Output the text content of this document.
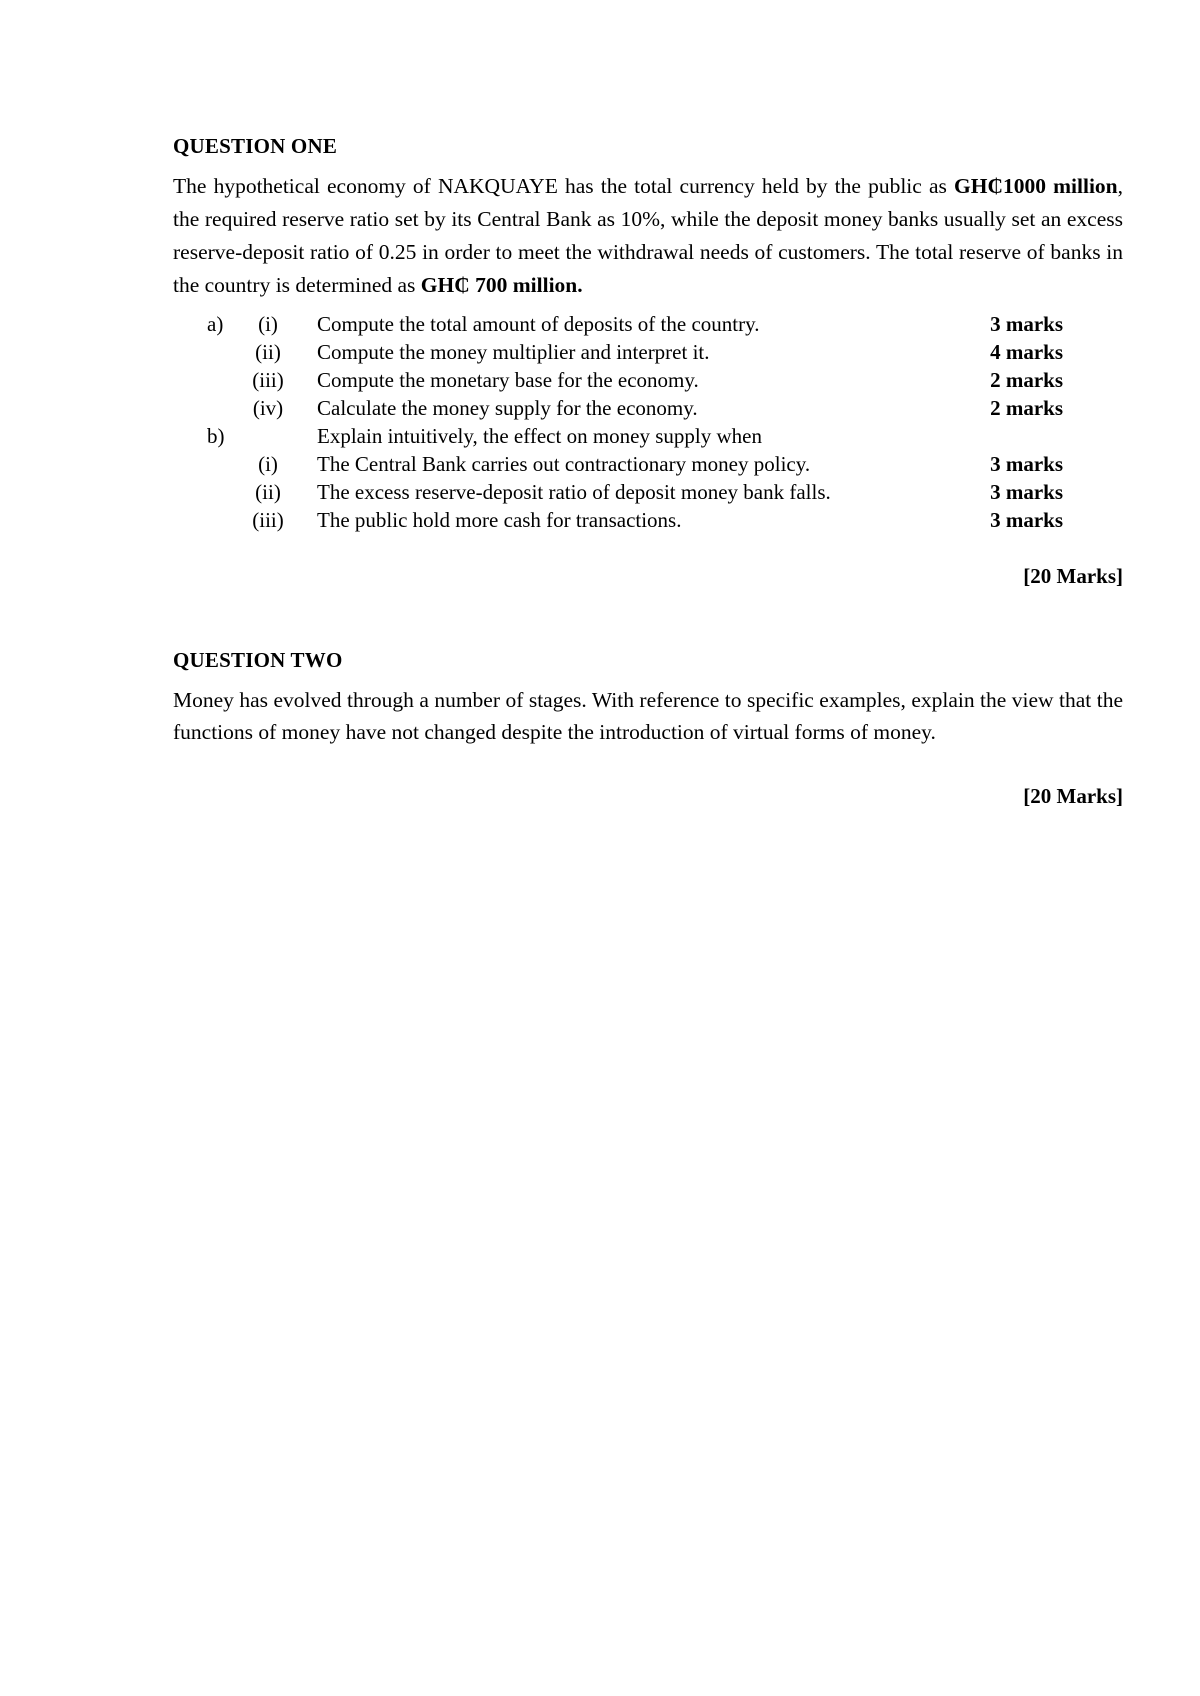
QUESTION ONE
The hypothetical economy of NAKQUAYE has the total currency held by the public as GH₵1000 million, the required reserve ratio set by its Central Bank as 10%, while the deposit money banks usually set an excess reserve-deposit ratio of 0.25 in order to meet the withdrawal needs of customers. The total reserve of banks in the country is determined as GH₵ 700 million.
a)	(i)	Compute the total amount of deposits of the country.	3 marks
(ii)	Compute the money multiplier and interpret it.	4 marks
(iii)	Compute the monetary base for the economy.	2 marks
(iv)	Calculate the money supply for the economy.	2 marks
b)	Explain intuitively, the effect on money supply when
(i)	The Central Bank carries out contractionary money policy.	3 marks
(ii)	The excess reserve-deposit ratio of deposit money bank falls.	3 marks
(iii)	The public hold more cash for transactions.	3 marks
[20 Marks]
QUESTION TWO
Money has evolved through a number of stages. With reference to specific examples, explain the view that the functions of money have not changed despite the introduction of virtual forms of money.
[20 Marks]
